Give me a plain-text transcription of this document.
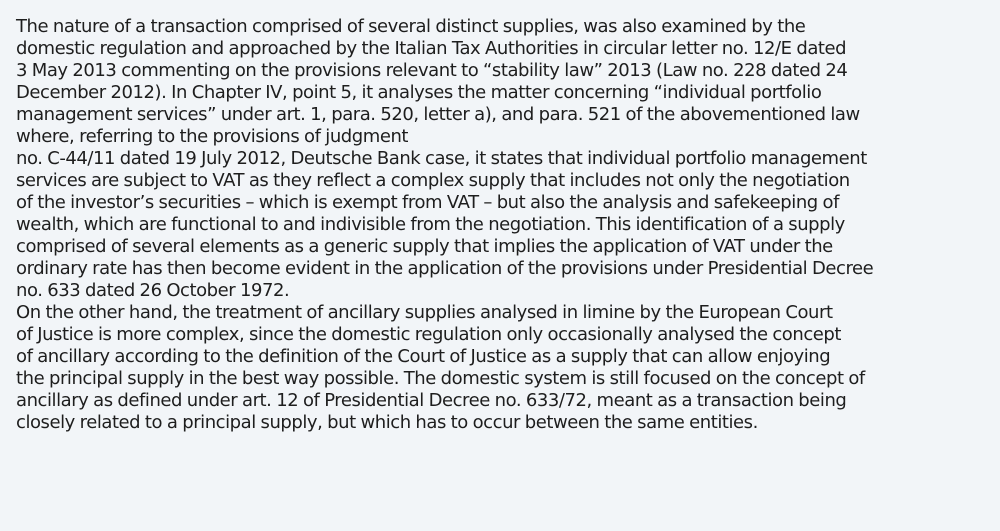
The nature of a transaction comprised of several distinct supplies, was also examined by the
domestic regulation and approached by the Italian Tax Authorities in circular letter no. 12/E dated
3 May 2013 commenting on the provisions relevant to “stability law” 2013 (Law no. 228 dated 24
December 2012). In Chapter IV, point 5, it analyses the matter concerning “individual portfolio
management services” under art. 1, para. 520, letter a), and para. 521 of the abovementioned law
where, referring to the provisions of judgment
no. C-44/11 dated 19 July 2012, Deutsche Bank case, it states that individual portfolio management
services are subject to VAT as they reflect a complex supply that includes not only the negotiation
of the investor’s securities – which is exempt from VAT – but also the analysis and safekeeping of
wealth, which are functional to and indivisible from the negotiation. This identification of a supply
comprised of several elements as a generic supply that implies the application of VAT under the
ordinary rate has then become evident in the application of the provisions under Presidential Decree
no. 633 dated 26 October 1972.
On the other hand, the treatment of ancillary supplies analysed in limine by the European Court
of Justice is more complex, since the domestic regulation only occasionally analysed the concept
of ancillary according to the definition of the Court of Justice as a supply that can allow enjoying
the principal supply in the best way possible. The domestic system is still focused on the concept of
ancillary as defined under art. 12 of Presidential Decree no. 633/72, meant as a transaction being
closely related to a principal supply, but which has to occur between the same entities.
